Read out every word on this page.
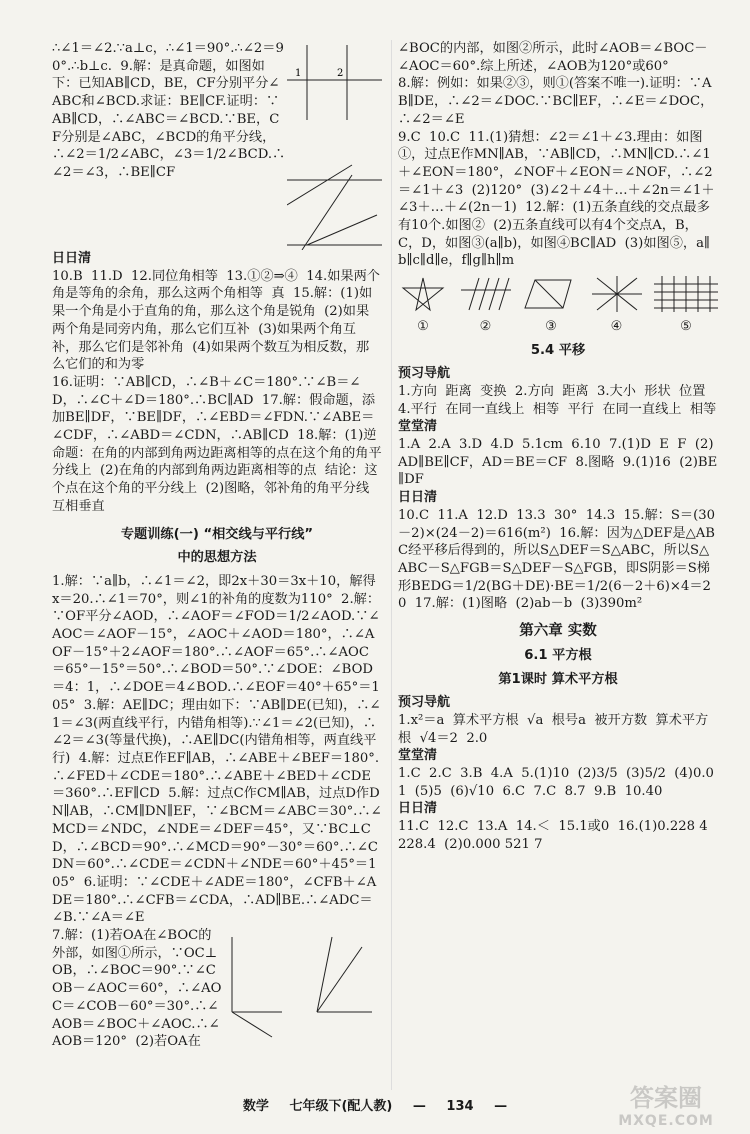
∴∠1＝∠2.∵a⊥c，∴∠1＝90°.∴∠2＝90°.∴b⊥c.  9.解：是真命题，如图如下：已知AB∥CD，BE，CF分别平分∠ABC和∠BCD.求证：BE∥CF.证明：∵AB∥CD，∴∠ABC＝∠BCD.∵BE，CF分别是∠ABC，∠BCD的角平分线，∴∠2＝1/2∠ABC，∠3＝1/2∠BCD.∴∠2＝∠3，∴BE∥CF

1	2

日日清

10.B  11.D  12.同位角相等  13.①②⇒④  14.如果两个角是等角的余角，那么这两个角相等  真  15.解：(1)如果一个角是小于直角的角，那么这个角是锐角  (2)如果两个角是同旁内角，那么它们互补  (3)如果两个角互补，那么它们是邻补角  (4)如果两个数互为相反数，那么它们的和为零

16.证明：∵AB∥CD，∴∠B＋∠C＝180°.∵∠B＝∠D，∴∠C＋∠D＝180°.∴BC∥AD  17.解：假命题，添加BE∥DF，∵BE∥DF，∴∠EBD＝∠FDN.∵∠ABE＝∠CDF，∴∠ABD＝∠CDN，∴AB∥CD  18.解：(1)逆命题：在角的内部到角两边距离相等的点在这个角的角平分线上  (2)在角的内部到角两边距离相等的点  结论：这个点在这个角的平分线上  (2)图略，邻补角的角平分线互相垂直

专题训练(一) “相交线与平行线”

中的思想方法

1.解：∵a∥b，∴∠1＝∠2，即2x＋30＝3x＋10，解得x＝20.∴∠1＝70°，则∠1的补角的度数为110°  2.解：∵OF平分∠AOD，∴∠AOF＝∠FOD＝1/2∠AOD.∵∠AOC＝∠AOF－15°，∠AOC＋∠AOD＝180°，∴∠AOF－15°＋2∠AOF＝180°.∴∠AOF＝65°.∴∠AOC＝65°－15°＝50°.∴∠BOD＝50°.∵∠DOE：∠BOD＝4：1，∴∠DOE＝4∠BOD.∴∠EOF＝40°＋65°＝105°  3.解：AE∥DC；理由如下：∵AB∥DE(已知)，∴∠1＝∠3(两直线平行，内错角相等).∵∠1＝∠2(已知)，∴∠2＝∠3(等量代换)，∴AE∥DC(内错角相等，两直线平行)  4.解：过点E作EF∥AB，∴∠ABE＋∠BEF＝180°.∴∠FED＋∠CDE＝180°.∴∠ABE＋∠BED＋∠CDE＝360°.∴EF∥CD  5.解：过点C作CM∥AB，过点D作DN∥AB，∴CM∥DN∥EF，∵∠BCM＝∠ABC＝30°.∴∠MCD＝∠NDC，∠NDE＝∠DEF＝45°，又∵BC⊥CD，∴∠BCD＝90°.∴∠MCD＝90°－30°＝60°.∴∠CDN＝60°.∴∠CDE＝∠CDN＋∠NDE＝60°＋45°＝105°  6.证明：∵∠CDE＋∠ADE＝180°，∠CFB＋∠ADE＝180°.∴∠CFB＝∠CDA，∴AD∥BE.∴∠ADC＝∠B.∵∠A＝∠E

7.解：(1)若OA在∠BOC的外部，如图①所示，∵OC⊥OB，∴∠BOC＝90°.∵∠COB－∠AOC＝60°，∴∠AOC＝∠COB－60°＝30°.∴∠AOB＝∠BOC＋∠AOC.∴∠AOB＝120°  (2)若OA在

∠BOC的内部，如图②所示，此时∠AOB＝∠BOC－∠AOC＝60°.综上所述，∠AOB为120°或60°

8.解：例如：如果②③，则①(答案不唯一).证明：∵AB∥DE，∴∠2＝∠DOC.∵BC∥EF，∴∠E＝∠DOC，∴∠2＝∠E

9.C  10.C  11.(1)猜想：∠2＝∠1＋∠3.理由：如图①，过点E作MN∥AB，∵AB∥CD，∴MN∥CD.∴∠1＋∠EON＝180°，∠NOF＋∠EON＝∠NOF，∴∠2＝∠1＋∠3  (2)120°  (3)∠2＋∠4＋…＋∠2n＝∠1＋∠3＋…＋∠(2n－1)  12.解：(1)五条直线的交点最多有10个.如图②  (2)五条直线可以有4个交点A，B，C，D，如图③(a∥b)，如图④BC∥AD  (3)如图⑤，a∥b∥c∥d∥e，f∥g∥h∥m

①	②	③	④	⑤

5.4 平移

预习导航

1.方向  距离  变换  2.方向  距离  3.大小  形状  位置  4.平行  在同一直线上  相等  平行  在同一直线上  相等

堂堂清

1.A  2.A  3.D  4.D  5.1cm  6.10  7.(1)D  E  F  (2)AD∥BE∥CF，AD＝BE＝CF  8.图略  9.(1)16  (2)BE∥DF

日日清

10.C  11.A  12.D  13.3  30°  14.3  15.解：S＝(30－2)×(24－2)＝616(m²)  16.解：因为△DEF是△ABC经平移后得到的，所以S△DEF＝S△ABC，所以S△ABC－S△FGB＝S△DEF－S△FGB，即S阴影＝S梯形BEDG＝1/2(BG＋DE)·BE＝1/2(6－2＋6)×4＝20  17.解：(1)图略  (2)ab－b  (3)390m²

第六章 实数

6.1 平方根

第1课时 算术平方根

预习导航

1.x²＝a  算术平方根  √a  根号a  被开方数  算术平方根  √4＝2  2.0

堂堂清

1.C  2.C  3.B  4.A  5.(1)10  (2)3/5  (3)5/2  (4)0.01  (5)5  (6)√10  6.C  7.C  8.7  9.B  10.40

日日清

11.C  12.C  13.A  14.＜  15.1或0  16.(1)0.228 4  228.4  (2)0.000 521 7

数学 七年级下(配人教) — 134 —	答案圈
MXQE.COM
